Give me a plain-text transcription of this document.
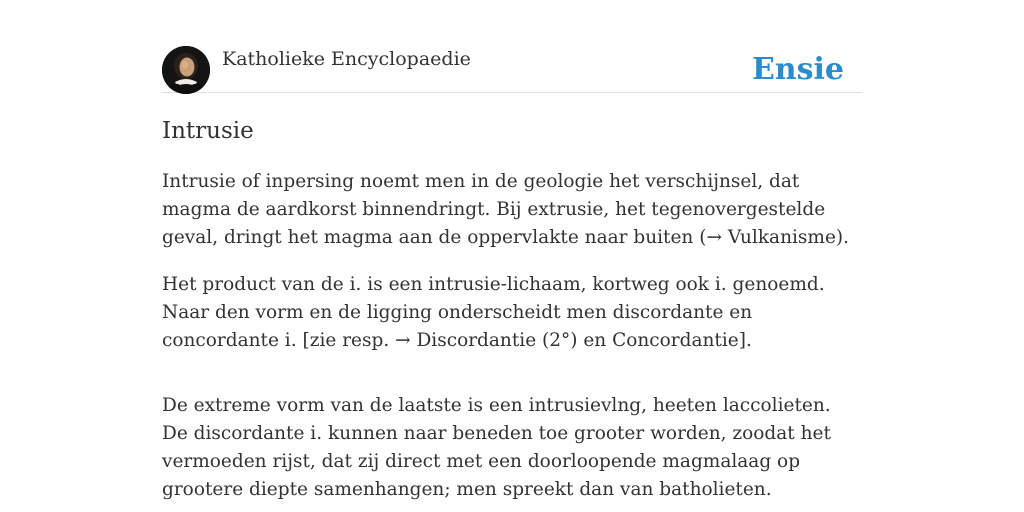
Katholieke Encyclopaedie	Ensie
Intrusie

Intrusie of inpersing noemt men in de geologie het verschijnsel, dat magma de aardkorst binnendringt. Bij extrusie, het tegenovergestelde geval, dringt het magma aan de oppervlakte naar buiten (→ Vulkanisme).

Het product van de i. is een intrusie-lichaam, kortweg ook i. genoemd. Naar den vorm en de ligging onderscheidt men discordante en concordante i. [zie resp. → Discordantie (2°) en Concordantie].

De extreme vorm van de laatste is een intrusievlng, heeten laccolieten. De discordante i. kunnen naar beneden toe grooter worden, zoodat het vermoeden rijst, dat zij direct met een doorloopende magmalaag op grootere diepte samenhangen; men spreekt dan van batholieten.
